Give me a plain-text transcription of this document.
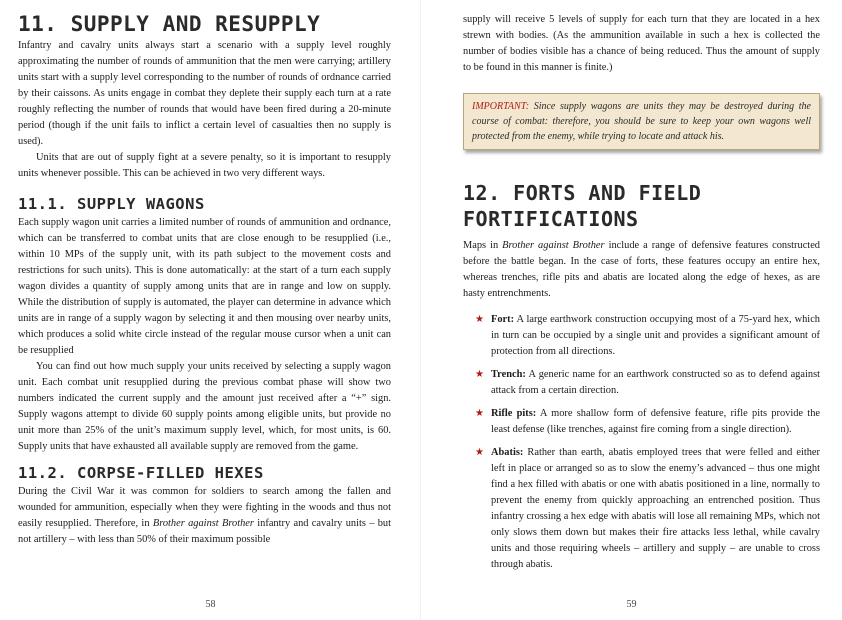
11. SUPPLY AND RESUPPLY

Infantry and cavalry units always start a scenario with a supply level roughly approximating the number of rounds of ammunition that the men were carrying; artillery units start with a supply level corresponding to the number of rounds of ordnance carried by their caissons. As units engage in combat they deplete their supply each turn at a rate roughly reflecting the number of rounds that would have been fired during a 20-minute period (though if the unit fails to inflict a certain level of casualties then no supply is used).

Units that are out of supply fight at a severe penalty, so it is important to resupply units whenever possible. This can be achieved in two very different ways.

11.1. SUPPLY WAGONS

Each supply wagon unit carries a limited number of rounds of ammunition and ordnance, which can be transferred to combat units that are close enough to be resupplied (i.e., within 10 MPs of the supply unit, with its path subject to the movement costs and restrictions for such units). This is done automatically: at the start of a turn each supply wagon divides a quantity of supply among units that are in range and low on supply. While the distribution of supply is automated, the player can determine in advance which units are in range of a supply wagon by selecting it and then mousing over nearby units, which produces a solid white circle instead of the regular mouse cursor when a unit can be resupplied

You can find out how much supply your units received by selecting a supply wagon unit. Each combat unit resupplied during the previous combat phase will show two numbers indicated the current supply and the amount just received after a “+” sign. Supply wagons attempt to divide 60 supply points among eligible units, but provide no unit more than 25% of the unit’s maximum supply level, which, for most units, is 60. Supply units that have exhausted all available supply are removed from the game.

11.2. CORPSE-FILLED HEXES

During the Civil War it was common for soldiers to search among the fallen and wounded for ammunition, especially when they were fighting in the woods and thus not easily resupplied. Therefore, in Brother against Brother infantry and cavalry units – but not artillery – with less than 50% of their maximum possible

58

supply will receive 5 levels of supply for each turn that they are located in a hex strewn with bodies. (As the ammunition available in such a hex is collected the number of bodies visible has a chance of being reduced. Thus the amount of supply to be found in this manner is finite.)

IMPORTANT: Since supply wagons are units they may be destroyed during the course of combat: therefore, you should be sure to keep your own wagons well protected from the enemy, while trying to locate and attack his.

12. FORTS AND FIELD FORTIFICATIONS

Maps in Brother against Brother include a range of defensive features constructed before the battle began. In the case of forts, these features occupy an entire hex, whereas trenches, rifle pits and abatis are located along the edge of hexes, as are hasty entrenchments.

★ Fort: A large earthwork construction occupying most of a 75-yard hex, which in turn can be occupied by a single unit and provides a significant amount of protection from all directions.

★ Trench: A generic name for an earthwork constructed so as to defend against attack from a certain direction.

★ Rifle pits: A more shallow form of defensive feature, rifle pits provide the least defense (like trenches, against fire coming from a single direction).

★ Abatis: Rather than earth, abatis employed trees that were felled and either left in place or arranged so as to slow the enemy’s advanced – thus one might find a hex filled with abatis or one with abatis positioned in a line, normally to prevent the enemy from quickly approaching an entrenched position. Thus infantry crossing a hex edge with abatis will lose all remaining MPs, which not only slows them down but makes their fire attacks less lethal, while cavalry units and those requiring wheels – artillery and supply – are unable to cross through abatis.

59
